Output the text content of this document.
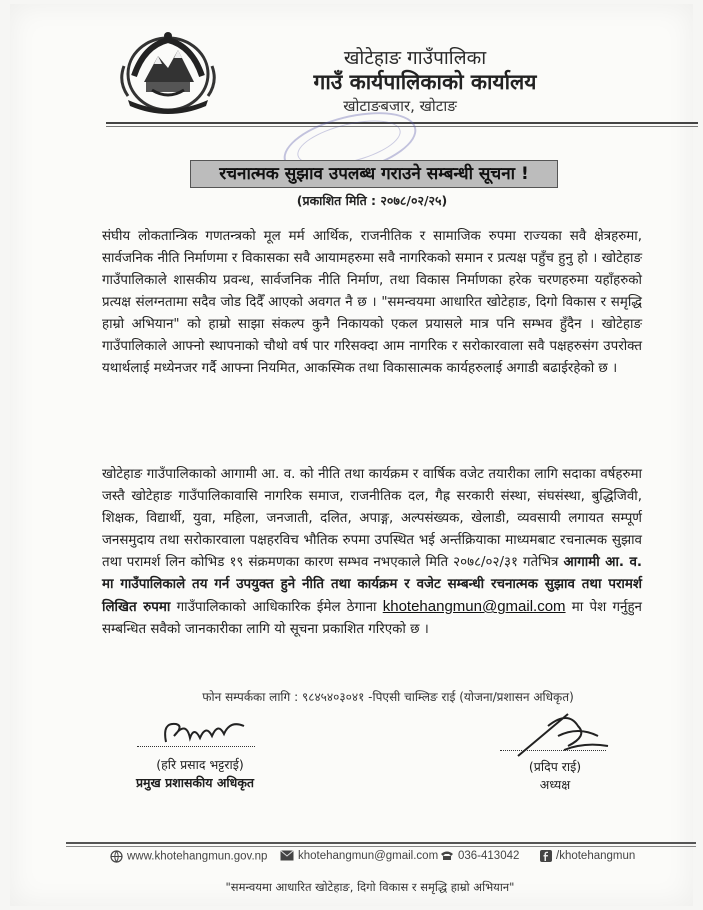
खोटेहाङ गाउँपालिका
गाउँ कार्यपालिकाको कार्यालय
खोटाङबजार, खोटाङ
रचनात्मक सुझाव उपलब्ध गराउने सम्बन्धी सूचना !
(प्रकाशित मिति : २०७८/०२/२५)
संघीय लोकतान्त्रिक गणतन्त्रको मूल मर्म आर्थिक, राजनीतिक र सामाजिक रुपमा राज्यका सवै क्षेत्रहरुमा, सार्वजनिक नीति निर्माणमा र विकासका सवै आयामहरुमा सवै नागरिकको समान र प्रत्यक्ष पहुँच हुनु हो । खोटेहाङ गाउँपालिकाले शासकीय प्रवन्ध, सार्वजनिक नीति निर्माण, तथा विकास निर्माणका हरेक चरणहरुमा यहाँहरुको प्रत्यक्ष संलग्नतामा सदैव जोड दिदैँ आएको अवगत नै छ । "समन्वयमा आधारित खोटेहाङ, दिगो विकास र समृद्धि हाम्रो अभियान" को हाम्रो साझा संकल्प कुनै निकायको एकल प्रयासले मात्र पनि सम्भव हुँदैन । खोटेहाङ गाउँपालिकाले आफ्नो स्थापनाको चौथो वर्ष पार गरिसक्दा आम नागरिक र सरोकारवाला सवै पक्षहरुसंग उपरोक्त यथार्थलाई मध्येनजर गर्दै आफ्ना नियमित, आकस्मिक तथा विकासात्मक कार्यहरुलाई अगाडी बढाईरहेको छ ।
खोटेहाङ गाउँपालिकाको आगामी आ. व. को नीति तथा कार्यक्रम र वार्षिक वजेट तयारीका लागि सदाका वर्षहरुमा जस्तै खोटेहाङ गाउँपालिकावासि नागरिक समाज, राजनीतिक दल, गैह्र सरकारी संस्था, संघसंस्था, बुद्धिजिवी, शिक्षक, विद्यार्थी, युवा, महिला, जनजाती, दलित, अपाङ्ग, अल्पसंख्यक, खेलाडी, व्यवसायी लगायत सम्पूर्ण जनसमुदाय तथा सरोकारवाला पक्षहरविच भौतिक रुपमा उपस्थित भई अर्न्तक्रियाका माध्यमबाट रचनात्मक सुझाव तथा परामर्श लिन कोभिड १९ संक्रमणका कारण सम्भव नभएकाले मिति २०७८/०२/३१ गतेभित्र आगामी आ. व. मा गाउँपालिकाले तय गर्न उपयुक्त हुने नीति तथा कार्यक्रम र वजेट सम्बन्धी रचनात्मक सुझाव तथा परामर्श लिखित रुपमा गाउँपालिकाको आधिकारिक ईमेल ठेगाना khotehangmun@gmail.com मा पेश गर्नुहुन सम्बन्धित सवैको जानकारीका लागि यो सूचना प्रकाशित गरिएको छ ।
फोन सम्पर्कका लागि : ९८४५४०३०४१ -पिएसी चाम्लिङ राई (योजना/प्रशासन अधिकृत)
(हरि प्रसाद भट्टराई)
प्रमुख प्रशासकीय अधिकृत
(प्रदिप राई)
अध्यक्ष
www.khotehangmun.gov.np	khotehangmun@gmail.com	036-413042	/khotehangmun
"समन्वयमा आधारित खोटेहाङ, दिगो विकास र समृद्धि हाम्रो अभियान"
